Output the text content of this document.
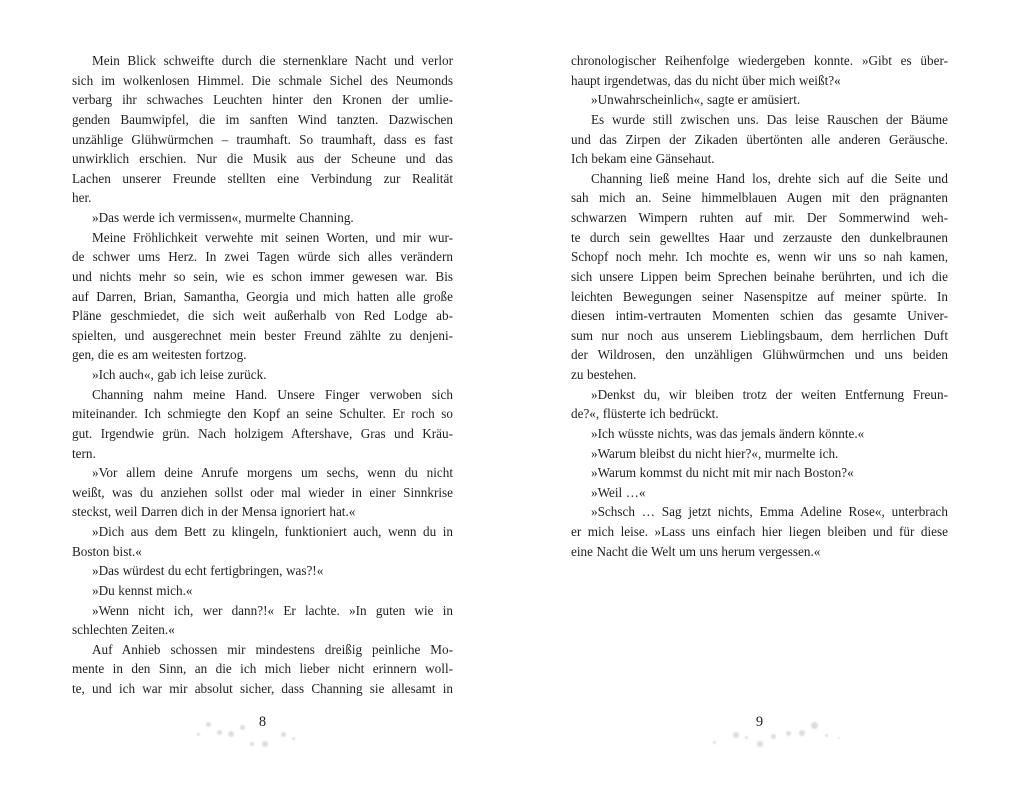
Mein Blick schweifte durch die sternenklare Nacht und verlor
sich im wolkenlosen Himmel. Die schmale Sichel des Neumonds
verbarg ihr schwaches Leuchten hinter den Kronen der umlie-
genden Baumwipfel, die im sanften Wind tanzten. Dazwischen
unzählige Glühwürmchen – traumhaft. So traumhaft, dass es fast
unwirklich erschien. Nur die Musik aus der Scheune und das
Lachen unserer Freunde stellten eine Verbindung zur Realität
her.
»Das werde ich vermissen«, murmelte Channing.
Meine Fröhlichkeit verwehte mit seinen Worten, und mir wur-
de schwer ums Herz. In zwei Tagen würde sich alles verändern
und nichts mehr so sein, wie es schon immer gewesen war. Bis
auf Darren, Brian, Samantha, Georgia und mich hatten alle große
Pläne geschmiedet, die sich weit außerhalb von Red Lodge ab-
spielten, und ausgerechnet mein bester Freund zählte zu denjeni-
gen, die es am weitesten fortzog.
»Ich auch«, gab ich leise zurück.
Channing nahm meine Hand. Unsere Finger verwoben sich
miteinander. Ich schmiegte den Kopf an seine Schulter. Er roch so
gut. Irgendwie grün. Nach holzigem Aftershave, Gras und Kräu-
tern.
»Vor allem deine Anrufe morgens um sechs, wenn du nicht
weißt, was du anziehen sollst oder mal wieder in einer Sinnkrise
steckst, weil Darren dich in der Mensa ignoriert hat.«
»Dich aus dem Bett zu klingeln, funktioniert auch, wenn du in
Boston bist.«
»Das würdest du echt fertigbringen, was?!«
»Du kennst mich.«
»Wenn nicht ich, wer dann?!« Er lachte. »In guten wie in
schlechten Zeiten.«
Auf Anhieb schossen mir mindestens dreißig peinliche Mo-
mente in den Sinn, an die ich mich lieber nicht erinnern woll-
te, und ich war mir absolut sicher, dass Channing sie allesamt in
8
chronologischer Reihenfolge wiedergeben konnte. »Gibt es über-
haupt irgendetwas, das du nicht über mich weißt?«
»Unwahrscheinlich«, sagte er amüsiert.
Es wurde still zwischen uns. Das leise Rauschen der Bäume
und das Zirpen der Zikaden übertönten alle anderen Geräusche.
Ich bekam eine Gänsehaut.
Channing ließ meine Hand los, drehte sich auf die Seite und
sah mich an. Seine himmelblauen Augen mit den prägnanten
schwarzen Wimpern ruhten auf mir. Der Sommerwind weh-
te durch sein gewelltes Haar und zerzauste den dunkelbraunen
Schopf noch mehr. Ich mochte es, wenn wir uns so nah kamen,
sich unsere Lippen beim Sprechen beinahe berührten, und ich die
leichten Bewegungen seiner Nasenspitze auf meiner spürte. In
diesen intim-vertrauten Momenten schien das gesamte Univer-
sum nur noch aus unserem Lieblingsbaum, dem herrlichen Duft
der Wildrosen, den unzähligen Glühwürmchen und uns beiden
zu bestehen.
»Denkst du, wir bleiben trotz der weiten Entfernung Freun-
de?«, flüsterte ich bedrückt.
»Ich wüsste nichts, was das jemals ändern könnte.«
»Warum bleibst du nicht hier?«, murmelte ich.
»Warum kommst du nicht mit mir nach Boston?«
»Weil …«
»Schsch … Sag jetzt nichts, Emma Adeline Rose«, unterbrach
er mich leise. »Lass uns einfach hier liegen bleiben und für diese
eine Nacht die Welt um uns herum vergessen.«
9
